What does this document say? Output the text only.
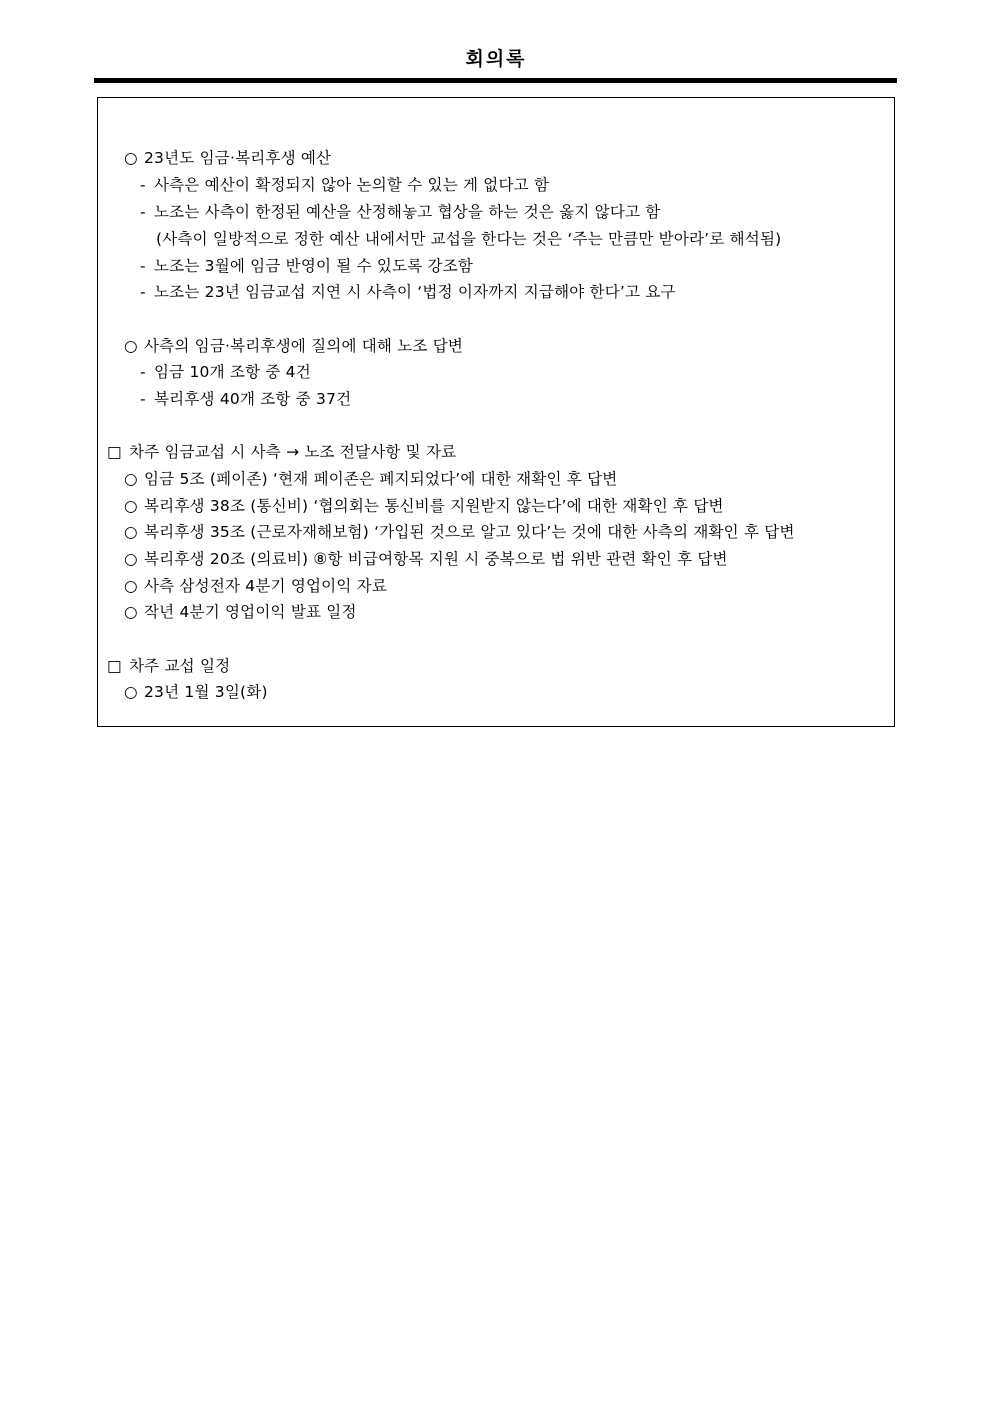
회의록
○ 23년도 임금·복리후생 예산
- 사측은 예산이 확정되지 않아 논의할 수 있는 게 없다고 함
- 노조는 사측이 한정된 예산을 산정해놓고 협상을 하는 것은 옳지 않다고 함
(사측이 일방적으로 정한 예산 내에서만 교섭을 한다는 것은 ‘주는 만큼만 받아라’로 해석됨)
- 노조는 3월에 임금 반영이 될 수 있도록 강조함
- 노조는 23년 임금교섭 지연 시 사측이 ‘법정 이자까지 지급해야 한다’고 요구
○ 사측의 임금·복리후생에 질의에 대해 노조 답변
- 임금 10개 조항 중 4건
- 복리후생 40개 조항 중 37건
□ 차주 임금교섭 시 사측 → 노조 전달사항 및 자료
○ 임금 5조 (페이존) ‘현재 페이존은 폐지되었다’에 대한 재확인 후 답변
○ 복리후생 38조 (통신비) ‘협의회는 통신비를 지원받지 않는다’에 대한 재확인 후 답변
○ 복리후생 35조 (근로자재해보험) ‘가입된 것으로 알고 있다’는 것에 대한 사측의 재확인 후 답변
○ 복리후생 20조 (의료비) ⑧항 비급여항목 지원 시 중복으로 법 위반 관련 확인 후 답변
○ 사측 삼성전자 4분기 영업이익 자료
○ 작년 4분기 영업이익 발표 일정
□ 차주 교섭 일정
○ 23년 1월 3일(화)
